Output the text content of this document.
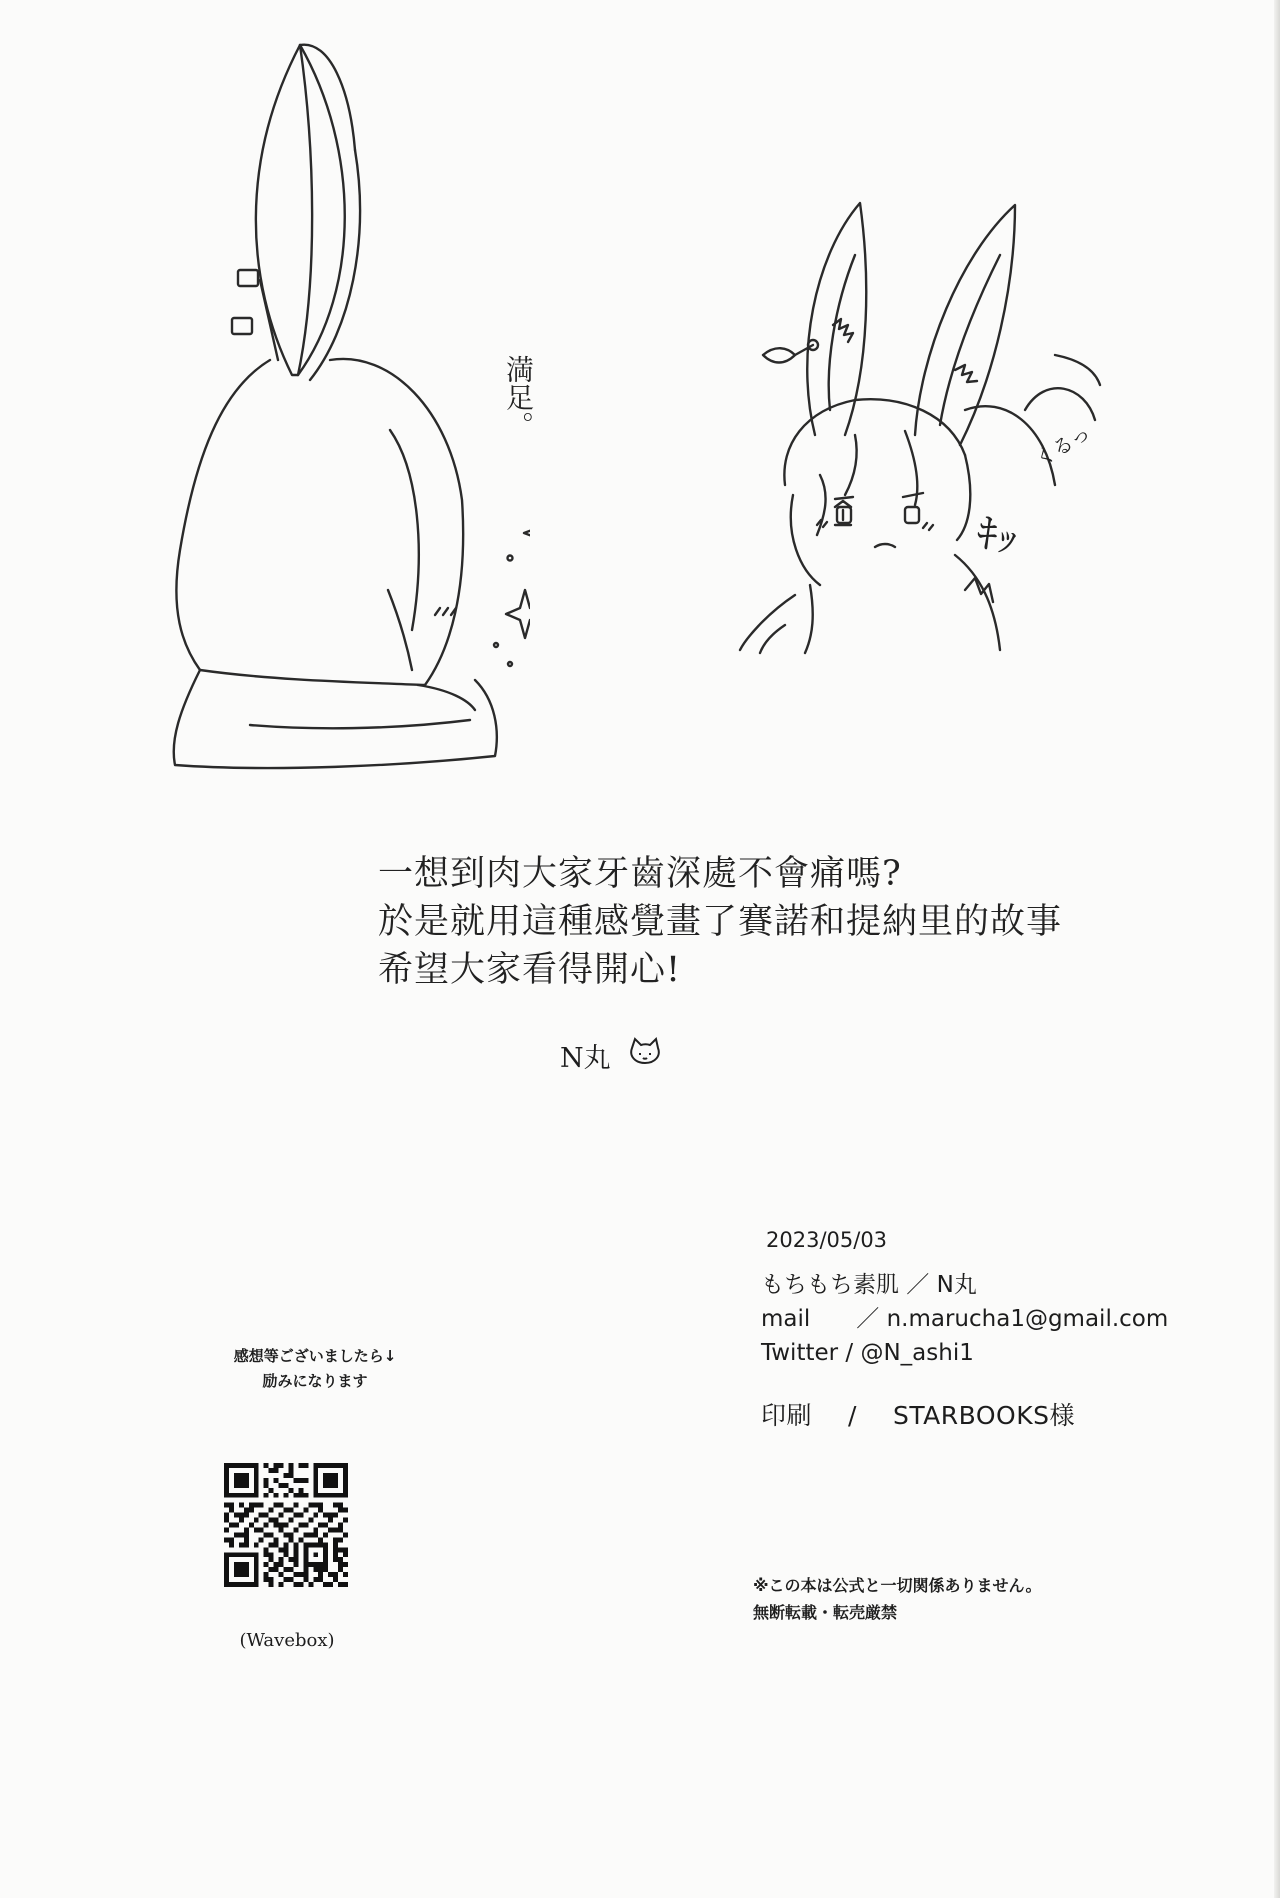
満足。
ｷｯ
くるっ
一想到肉大家牙齒深處不會痛嗎?
於是就用這種感覺畫了賽諾和提納里的故事
希望大家看得開心!
N丸
2023/05/03
もちもち素肌 ／ N丸
mail　　／ n.marucha1@gmail.com
Twitter / @N_ashi1
印刷 / STARBOOKS様
※この本は公式と一切関係ありません。
無断転載・転売厳禁
感想等ございましたら↓
励みになります
(Wavebox)
